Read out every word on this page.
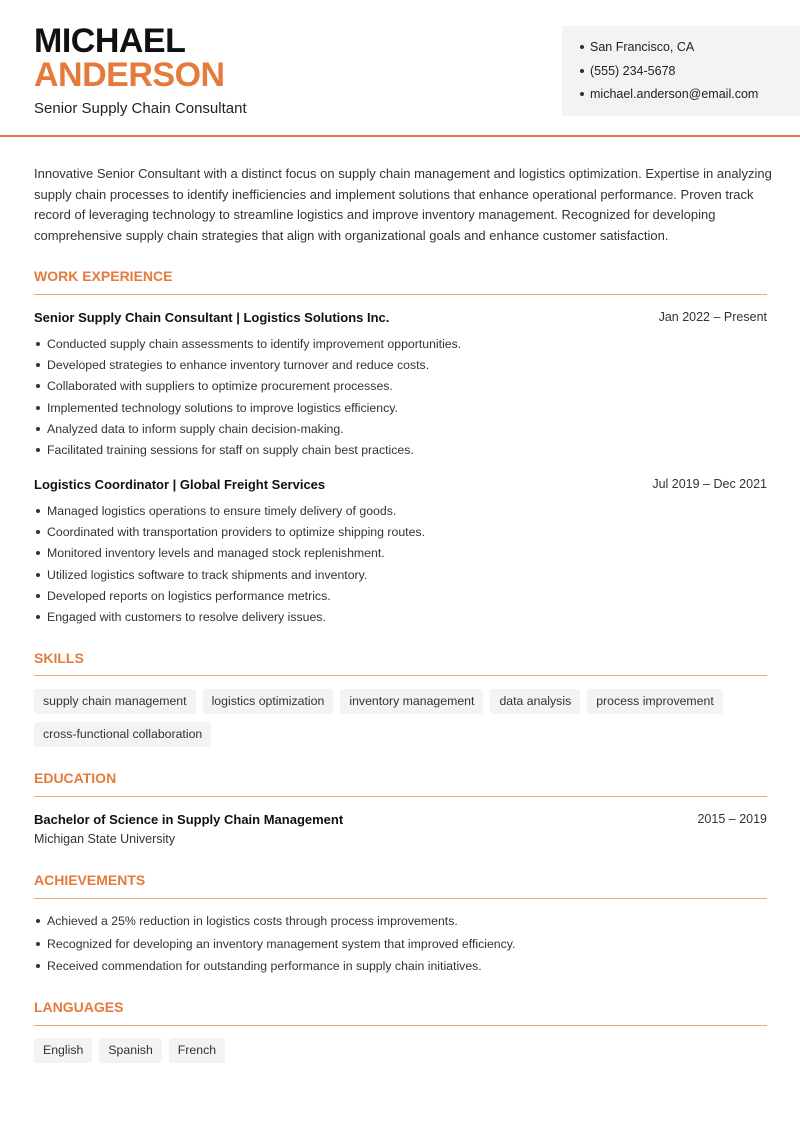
MICHAEL
ANDERSON
Senior Supply Chain Consultant
San Francisco, CA
(555) 234-5678
michael.anderson@email.com

Innovative Senior Consultant with a distinct focus on supply chain management and logistics optimization. Expertise in analyzing supply chain processes to identify inefficiencies and implement solutions that enhance operational performance. Proven track record of leveraging technology to streamline logistics and improve inventory management. Recognized for developing comprehensive supply chain strategies that align with organizational goals and enhance customer satisfaction.

WORK EXPERIENCE
Senior Supply Chain Consultant | Logistics Solutions Inc.	Jan 2022 – Present
Conducted supply chain assessments to identify improvement opportunities.
Developed strategies to enhance inventory turnover and reduce costs.
Collaborated with suppliers to optimize procurement processes.
Implemented technology solutions to improve logistics efficiency.
Analyzed data to inform supply chain decision-making.
Facilitated training sessions for staff on supply chain best practices.
Logistics Coordinator | Global Freight Services	Jul 2019 – Dec 2021
Managed logistics operations to ensure timely delivery of goods.
Coordinated with transportation providers to optimize shipping routes.
Monitored inventory levels and managed stock replenishment.
Utilized logistics software to track shipments and inventory.
Developed reports on logistics performance metrics.
Engaged with customers to resolve delivery issues.
SKILLS
supply chain management	logistics optimization	inventory management	data analysis	process improvement
cross-functional collaboration
EDUCATION
Bachelor of Science in Supply Chain Management	2015 – 2019
Michigan State University
ACHIEVEMENTS
Achieved a 25% reduction in logistics costs through process improvements.
Recognized for developing an inventory management system that improved efficiency.
Received commendation for outstanding performance in supply chain initiatives.
LANGUAGES
English	Spanish	French
